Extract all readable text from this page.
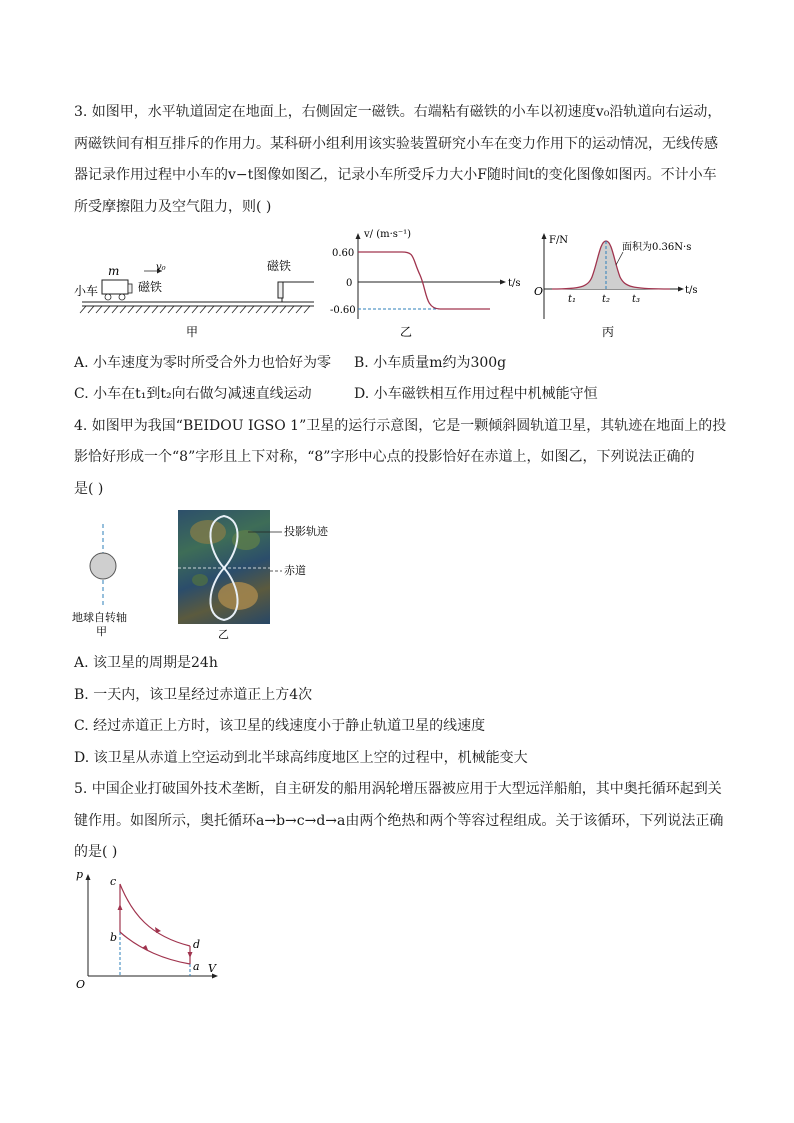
3. 如图甲，水平轨道固定在地面上，右侧固定一磁铁。右端粘有磁铁的小车以初速度v₀沿轨道向右运动，
两磁铁间有相互排斥的作用力。某科研小组利用该实验装置研究小车在变力作用下的运动情况，无线传感
器记录作用过程中小车的v−t图像如图乙，记录小车所受斥力大小F随时间t的变化图像如图丙。不计小车
所受摩擦阻力及空气阻力，则( )
小车
m	v₀
磁铁
磁铁
甲
v/ (m·s⁻¹)
t/s
0.60
0
-0.60
乙
F/N
t/s
O
t₁	t₂ t₃
面积为0.36N·s
丙
A. 小车速度为零时所受合外力也恰好为零 B. 小车质量m约为300g
C. 小车在t₁到t₂向右做匀减速直线运动	D. 小车磁铁相互作用过程中机械能守恒
4. 如图甲为我国“BEIDOU IGSO 1”卫星的运行示意图，它是一颗倾斜圆轨道卫星，其轨迹在地面上的投
影恰好形成一个“8”字形且上下对称，“8”字形中心点的投影恰好在赤道上，如图乙，下列说法正确的
是( )
地球自转轴
甲
投影轨迹
赤道
乙
A. 该卫星的周期是24h
B. 一天内，该卫星经过赤道正上方4次
C. 经过赤道正上方时，该卫星的线速度小于静止轨道卫星的线速度
D. 该卫星从赤道上空运动到北半球高纬度地区上空的过程中，机械能变大
5. 中国企业打破国外技术垄断，自主研发的船用涡轮增压器被应用于大型远洋船舶，其中奥托循环起到关
键作用。如图所示，奥托循环a→b→c→d→a由两个绝热和两个等容过程组成。关于该循环，下列说法正确
的是( )
p
V
O
a
b
c
d
